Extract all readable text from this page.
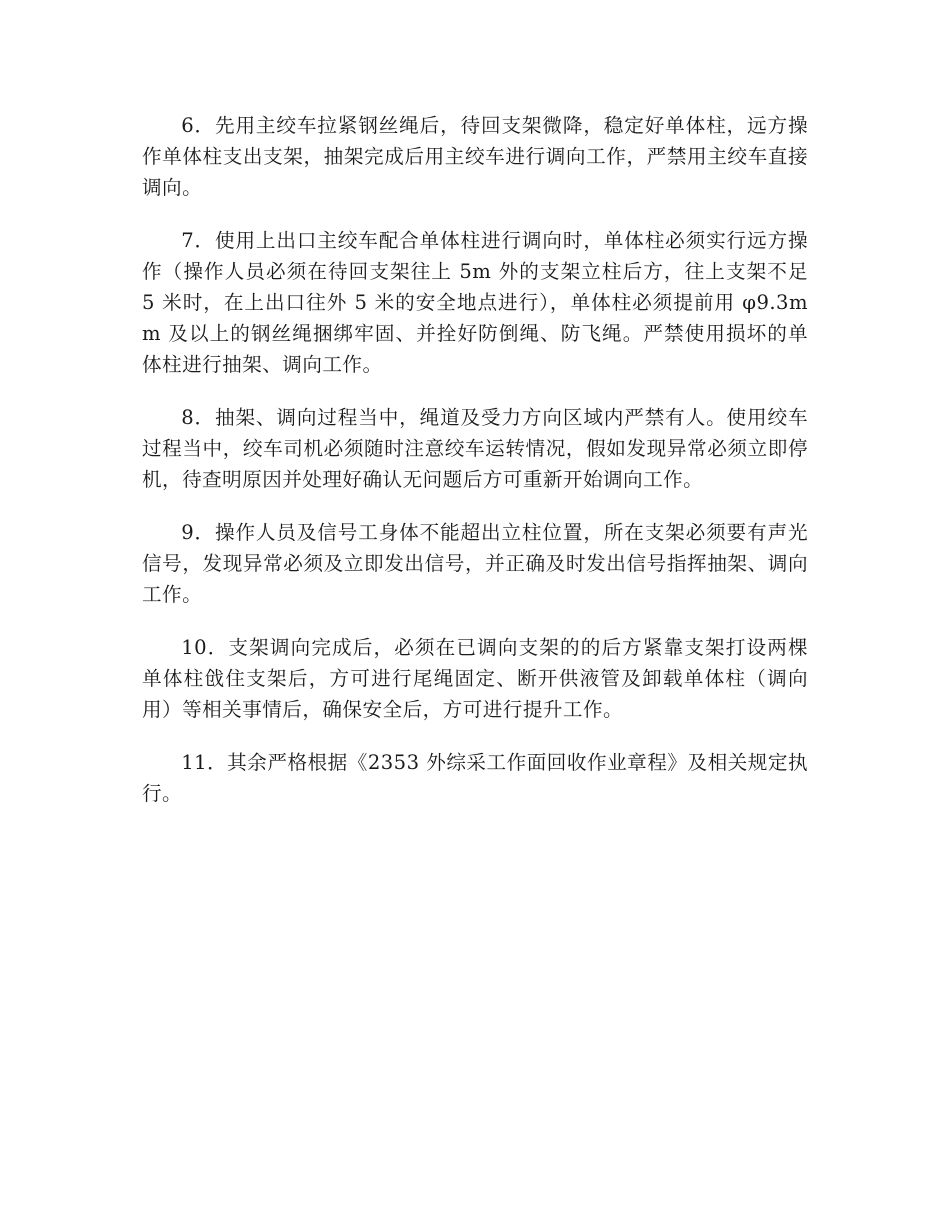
6．先用主绞车拉紧钢丝绳后，待回支架微降，稳定好单体柱，远方操作单体柱支出支架，抽架完成后用主绞车进行调向工作，严禁用主绞车直接调向。

7．使用上出口主绞车配合单体柱进行调向时，单体柱必须实行远方操作（操作人员必须在待回支架往上 5m 外的支架立柱后方，往上支架不足 5 米时，在上出口往外 5 米的安全地点进行），单体柱必须提前用 φ9.3mm 及以上的钢丝绳捆绑牢固、并拴好防倒绳、防飞绳。严禁使用损坏的单体柱进行抽架、调向工作。

8．抽架、调向过程当中，绳道及受力方向区域内严禁有人。使用绞车过程当中，绞车司机必须随时注意绞车运转情况，假如发现异常必须立即停机，待查明原因并处理好确认无问题后方可重新开始调向工作。

9．操作人员及信号工身体不能超出立柱位置，所在支架必须要有声光信号，发现异常必须及立即发出信号，并正确及时发出信号指挥抽架、调向工作。

10．支架调向完成后，必须在已调向支架的的后方紧靠支架打设两棵单体柱戗住支架后，方可进行尾绳固定、断开供液管及卸载单体柱（调向用）等相关事情后，确保安全后，方可进行提升工作。

11．其余严格根据《2353 外综采工作面回收作业章程》及相关规定执行。
